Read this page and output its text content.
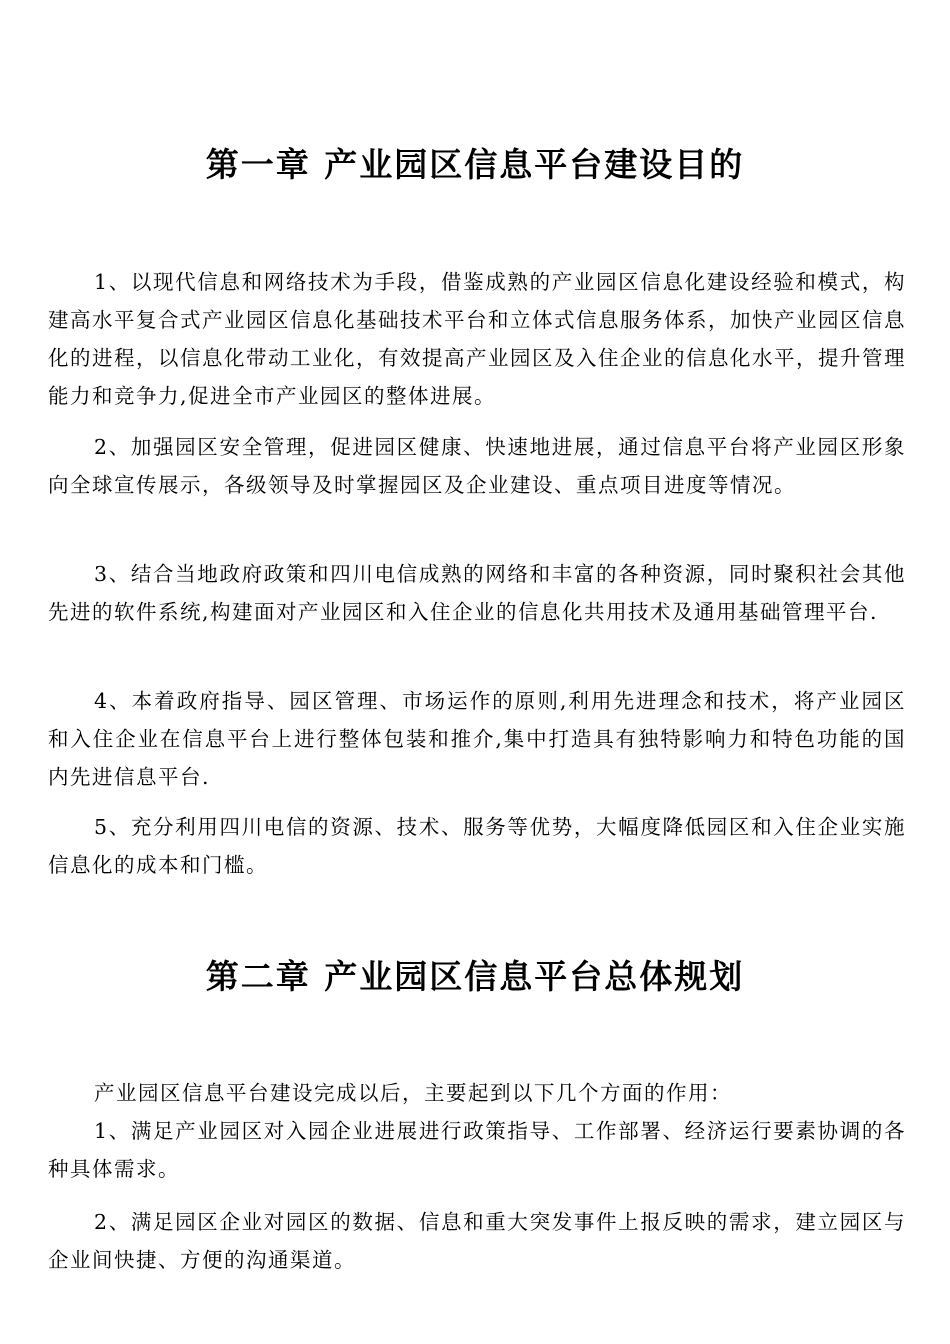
第一章 产业园区信息平台建设目的

1、以现代信息和网络技术为手段，借鉴成熟的产业园区信息化建设经验和模式，构建高水平复合式产业园区信息化基础技术平台和立体式信息服务体系，加快产业园区信息化的进程，以信息化带动工业化，有效提高产业园区及入住企业的信息化水平，提升管理能力和竞争力,促进全市产业园区的整体进展。

2、加强园区安全管理，促进园区健康、快速地进展，通过信息平台将产业园区形象向全球宣传展示，各级领导及时掌握园区及企业建设、重点项目进度等情况。

3、结合当地政府政策和四川电信成熟的网络和丰富的各种资源，同时聚积社会其他先进的软件系统,构建面对产业园区和入住企业的信息化共用技术及通用基础管理平台.

4、本着政府指导、园区管理、市场运作的原则,利用先进理念和技术，将产业园区和入住企业在信息平台上进行整体包装和推介,集中打造具有独特影响力和特色功能的国内先进信息平台.

5、充分利用四川电信的资源、技术、服务等优势，大幅度降低园区和入住企业实施信息化的成本和门槛。

第二章 产业园区信息平台总体规划

产业园区信息平台建设完成以后，主要起到以下几个方面的作用：

1、满足产业园区对入园企业进展进行政策指导、工作部署、经济运行要素协调的各种具体需求。

2、满足园区企业对园区的数据、信息和重大突发事件上报反映的需求，建立园区与企业间快捷、方便的沟通渠道。
